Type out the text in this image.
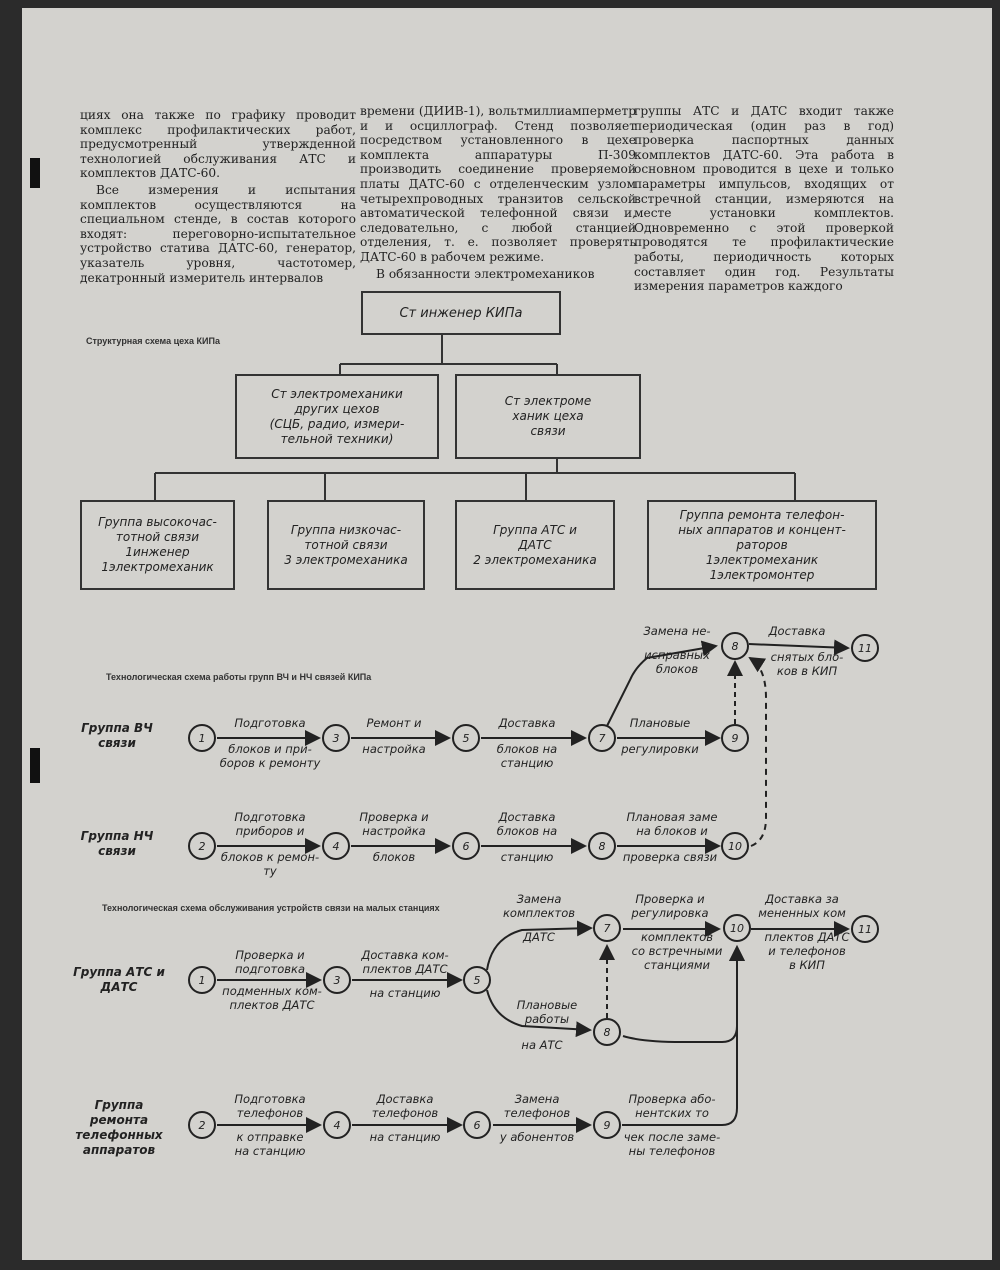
циях она также по графику проводит комплекс профилактических работ, предусмотренный утвержденной технологией обслуживания АТС и комплектов ДАТС-60.

Все измерения и испытания комплектов осуществляются на специальном стенде, в состав которого входят: переговорно-испытательное устройство статива ДАТС-60, генератор, указатель уровня, частотомер, декатронный измеритель интервалов

времени (ДИИВ-1), вольтмиллиамперметр и и осциллограф. Стенд позволяет посредством установленного в цехе комплекта аппаратуры П-309 производить соединение проверяемой платы ДАТС-60 с отделенческим узлом четырехпроводных транзитов сельской автоматической телефонной связи и, следовательно, с любой станцией отделения, т. е. позволяет проверять ДАТС-60 в рабочем режиме.

В обязанности электромехаников

группы АТС и ДАТС входит также периодическая (один раз в год) проверка паспортных данных комплектов ДАТС-60. Эта работа в основном проводится в цехе и только параметры импульсов, входящих от встречной станции, измеряются на месте установки комплектов. Одновременно с этой проверкой проводятся те профилактические работы, периодичность которых составляет один год. Результаты измерения параметров каждого

Структурная схема цеха КИПа
Технологическая схема работы групп ВЧ и НЧ связей КИПа
Технологическая схема обслуживания устройств связи на малых станциях
Ст инженер КИПа
Ст электромеханики
других цехов
(СЦБ, радио, измери-
тельной техники)
Ст электроме
ханик цеха
связи
Группа высокочас-
тотной связи
1инженер
1электромеханик
Группа низкочас-
тотной связи
3 электромеханика
Группа АТС и
ДАТС
2 электромеханика
Группа ремонта телефон-
ных аппаратов и концент-
раторов
1электромеханик
1электромонтер
Группа ВЧ
связи
Группа НЧ
связи
1	3	5	7	9
8	11
2	4	6	8	10
Подготовка
блоков и при-
боров к ремонту
Ремонт и
настройка
Доставка
блоков на
станцию
Плановые
регулировки
Замена не-
исправных
блоков
Доставка
снятых бло-
ков в КИП
Подготовка
приборов и
блоков к ремон-
ту
Проверка и
настройка
блоков
Доставка
блоков на
станцию
Плановая заме
на блоков и
проверка связи
Группа АТС и
ДАТС
Группа
ремонта
телефонных
аппаратов
1	3	5
7
8
10	11
2	4	6	9
Проверка и
подготовка
подменных ком-
плектов ДАТС
Доставка ком-
плектов ДАТС
на станцию
Замена
комплектов
ДАТС
Плановые
работы
на АТС
Проверка и
регулировка
комплектов
со встречными
станциями
Доставка за
мененных ком
плектов ДАТС
и телефонов
в КИП
Подготовка
телефонов
к отправке
на станцию
Доставка
телефонов
на станцию
Замена
телефонов
у абонентов
Проверка або-
нентских то
чек после заме-
ны телефонов
